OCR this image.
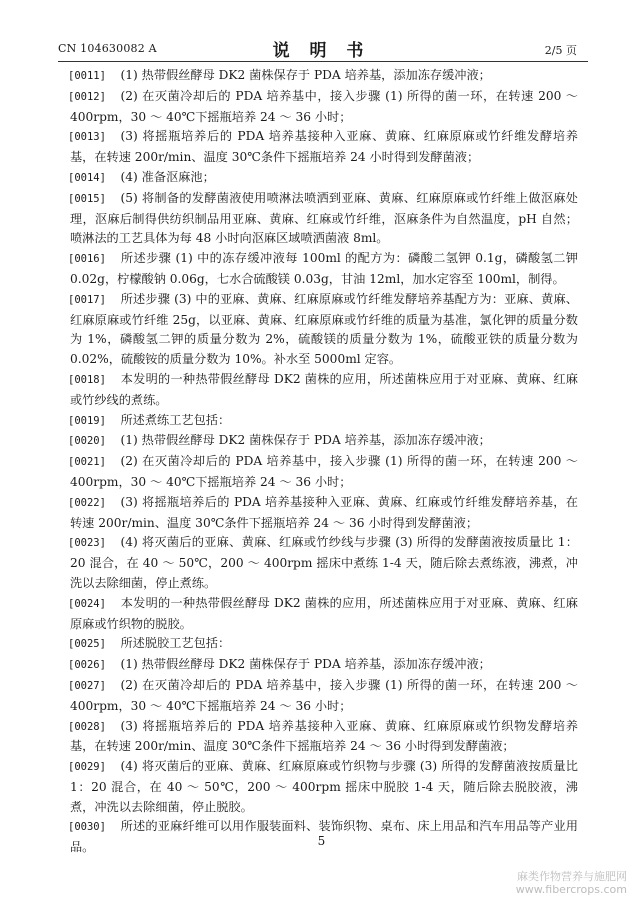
CN 104630082 A	说 明 书	2/5 页

[0011] (1) 热带假丝酵母 DK2 菌株保存于 PDA 培养基，添加冻存缓冲液；

[0012] (2) 在灭菌冷却后的 PDA 培养基中，接入步骤 (1) 所得的菌一环，在转速 200 ～ 400rpm，30 ～ 40℃下摇瓶培养 24 ～ 36 小时；

[0013] (3) 将摇瓶培养后的 PDA 培养基接种入亚麻、黄麻、红麻原麻或竹纤维发酵培养基，在转速 200r/min、温度 30℃条件下摇瓶培养 24 小时得到发酵菌液；

[0014] (4) 准备沤麻池；

[0015] (5) 将制备的发酵菌液使用喷淋法喷洒到亚麻、黄麻、红麻原麻或竹纤维上做沤麻处理，沤麻后制得供纺织制品用亚麻、黄麻、红麻或竹纤维，沤麻条件为自然温度，pH 自然；喷淋法的工艺具体为每 48 小时向沤麻区域喷洒菌液 8ml。

[0016] 所述步骤 (1) 中的冻存缓冲液每 100ml 的配方为：磷酸二氢钾 0.1g，磷酸氢二钾 0.02g，柠檬酸钠 0.06g，七水合硫酸镁 0.03g，甘油 12ml，加水定容至 100ml，制得。

[0017] 所述步骤 (3) 中的亚麻、黄麻、红麻原麻或竹纤维发酵培养基配方为：亚麻、黄麻、红麻原麻或竹纤维 25g，以亚麻、黄麻、红麻原麻或竹纤维的质量为基准，氯化钾的质量分数为 1%，磷酸氢二钾的质量分数为 2%，硫酸镁的质量分数为 1%，硫酸亚铁的质量分数为 0.02%，硫酸铵的质量分数为 10%。补水至 5000ml 定容。

[0018] 本发明的一种热带假丝酵母 DK2 菌株的应用，所述菌株应用于对亚麻、黄麻、红麻或竹纱线的煮练。

[0019] 所述煮练工艺包括：

[0020] (1) 热带假丝酵母 DK2 菌株保存于 PDA 培养基，添加冻存缓冲液；

[0021] (2) 在灭菌冷却后的 PDA 培养基中，接入步骤 (1) 所得的菌一环，在转速 200 ～ 400rpm，30 ～ 40℃下摇瓶培养 24 ～ 36 小时；

[0022] (3) 将摇瓶培养后的 PDA 培养基接种入亚麻、黄麻、红麻或竹纤维发酵培养基，在转速 200r/min、温度 30℃条件下摇瓶培养 24 ～ 36 小时得到发酵菌液；

[0023] (4) 将灭菌后的亚麻、黄麻、红麻或竹纱线与步骤 (3) 所得的发酵菌液按质量比 1：20 混合，在 40 ～ 50℃，200 ～ 400rpm 摇床中煮练 1-4 天，随后除去煮练液，沸煮，冲洗以去除细菌，停止煮练。

[0024] 本发明的一种热带假丝酵母 DK2 菌株的应用，所述菌株应用于对亚麻、黄麻、红麻原麻或竹织物的脱胶。

[0025] 所述脱胶工艺包括：

[0026] (1) 热带假丝酵母 DK2 菌株保存于 PDA 培养基，添加冻存缓冲液；

[0027] (2) 在灭菌冷却后的 PDA 培养基中，接入步骤 (1) 所得的菌一环，在转速 200 ～ 400rpm，30 ～ 40℃下摇瓶培养 24 ～ 36 小时；

[0028] (3) 将摇瓶培养后的 PDA 培养基接种入亚麻、黄麻、红麻原麻或竹织物发酵培养基，在转速 200r/min、温度 30℃条件下摇瓶培养 24 ～ 36 小时得到发酵菌液；

[0029] (4) 将灭菌后的亚麻、黄麻、红麻原麻或竹织物与步骤 (3) 所得的发酵菌液按质量比 1：20 混合，在 40 ～ 50℃，200 ～ 400rpm 摇床中脱胶 1-4 天，随后除去脱胶液，沸煮，冲洗以去除细菌，停止脱胶。

[0030] 所述的亚麻纤维可以用作服装面料、装饰织物、桌布、床上用品和汽车用品等产业用品。	5
麻类作物营养与施肥网
www.fibercrops.com
